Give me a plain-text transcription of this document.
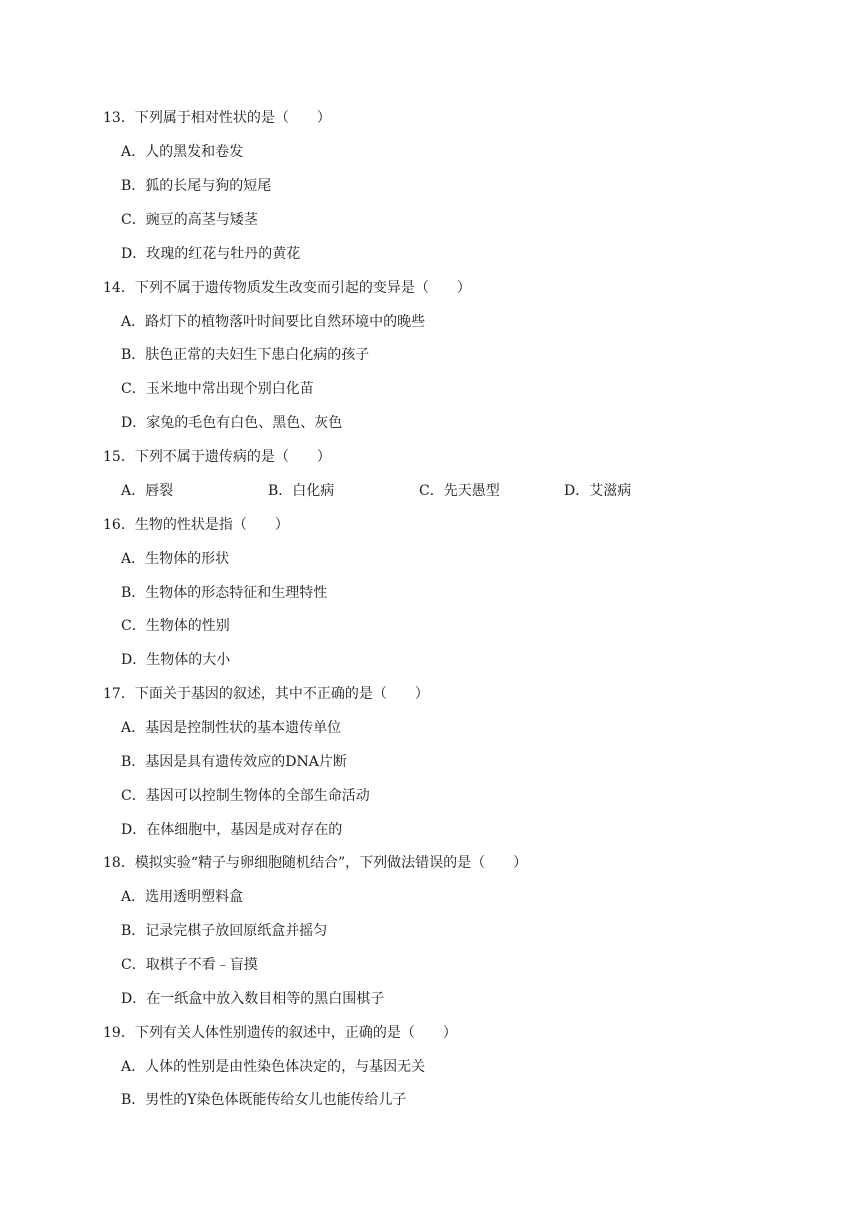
13．下列属于相对性状的是（　　）
A．人的黑发和卷发
B．狐的长尾与狗的短尾
C．豌豆的高茎与矮茎
D．玫瑰的红花与牡丹的黄花
14．下列不属于遗传物质发生改变而引起的变异是（　　）
A．路灯下的植物落叶时间要比自然环境中的晚些
B．肤色正常的夫妇生下患白化病的孩子
C．玉米地中常出现个别白化苗
D．家兔的毛色有白色、黑色、灰色
15．下列不属于遗传病的是（　　）
A．唇裂	B．白化病	C．先天愚型	D．艾滋病
16．生物的性状是指（　　）
A．生物体的形状
B．生物体的形态特征和生理特性
C．生物体的性别
D．生物体的大小
17．下面关于基因的叙述，其中不正确的是（　　）
A．基因是控制性状的基本遗传单位
B．基因是具有遗传效应的DNA片断
C．基因可以控制生物体的全部生命活动
D．在体细胞中，基因是成对存在的
18．模拟实验“精子与卵细胞随机结合”，下列做法错误的是（　　）
A．选用透明塑料盒
B．记录完棋子放回原纸盒并摇匀
C．取棋子不看﹣盲摸
D．在一纸盒中放入数目相等的黑白围棋子
19．下列有关人体性别遗传的叙述中，正确的是（　　）
A．人体的性别是由性染色体决定的，与基因无关
B．男性的Y染色体既能传给女儿也能传给儿子
